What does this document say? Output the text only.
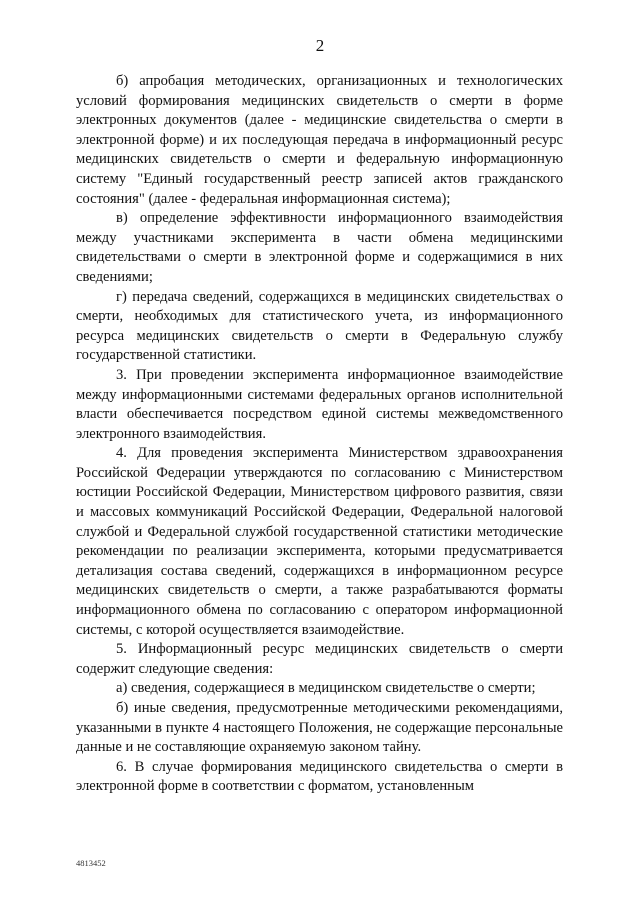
2

б) апробация методических, организационных и технологических условий формирования медицинских свидетельств о смерти в форме электронных документов (далее - медицинские свидетельства о смерти в электронной форме) и их последующая передача в информационный ресурс медицинских свидетельств о смерти и федеральную информационную систему "Единый государственный реестр записей актов гражданского состояния" (далее - федеральная информационная система);

в) определение эффективности информационного взаимодействия между участниками эксперимента в части обмена медицинскими свидетельствами о смерти в электронной форме и содержащимися в них сведениями;

г) передача сведений, содержащихся в медицинских свидетельствах о смерти, необходимых для статистического учета, из информационного ресурса медицинских свидетельств о смерти в Федеральную службу государственной статистики.

3. При проведении эксперимента информационное взаимодействие между информационными системами федеральных органов исполнительной власти обеспечивается посредством единой системы межведомственного электронного взаимодействия.

4. Для проведения эксперимента Министерством здравоохранения Российской Федерации утверждаются по согласованию с Министерством юстиции Российской Федерации, Министерством цифрового развития, связи и массовых коммуникаций Российской Федерации, Федеральной налоговой службой и Федеральной службой государственной статистики методические рекомендации по реализации эксперимента, которыми предусматривается детализация состава сведений, содержащихся в информационном ресурсе медицинских свидетельств о смерти, а также разрабатываются форматы информационного обмена по согласованию с оператором информационной системы, с которой осуществляется взаимодействие.

5. Информационный ресурс медицинских свидетельств о смерти содержит следующие сведения:

а) сведения, содержащиеся в медицинском свидетельстве о смерти;

б) иные сведения, предусмотренные методическими рекомендациями, указанными в пункте 4 настоящего Положения, не содержащие персональные данные и не составляющие охраняемую законом тайну.

6. В случае формирования медицинского свидетельства о смерти в электронной форме в соответствии с форматом, установленным

4813452
